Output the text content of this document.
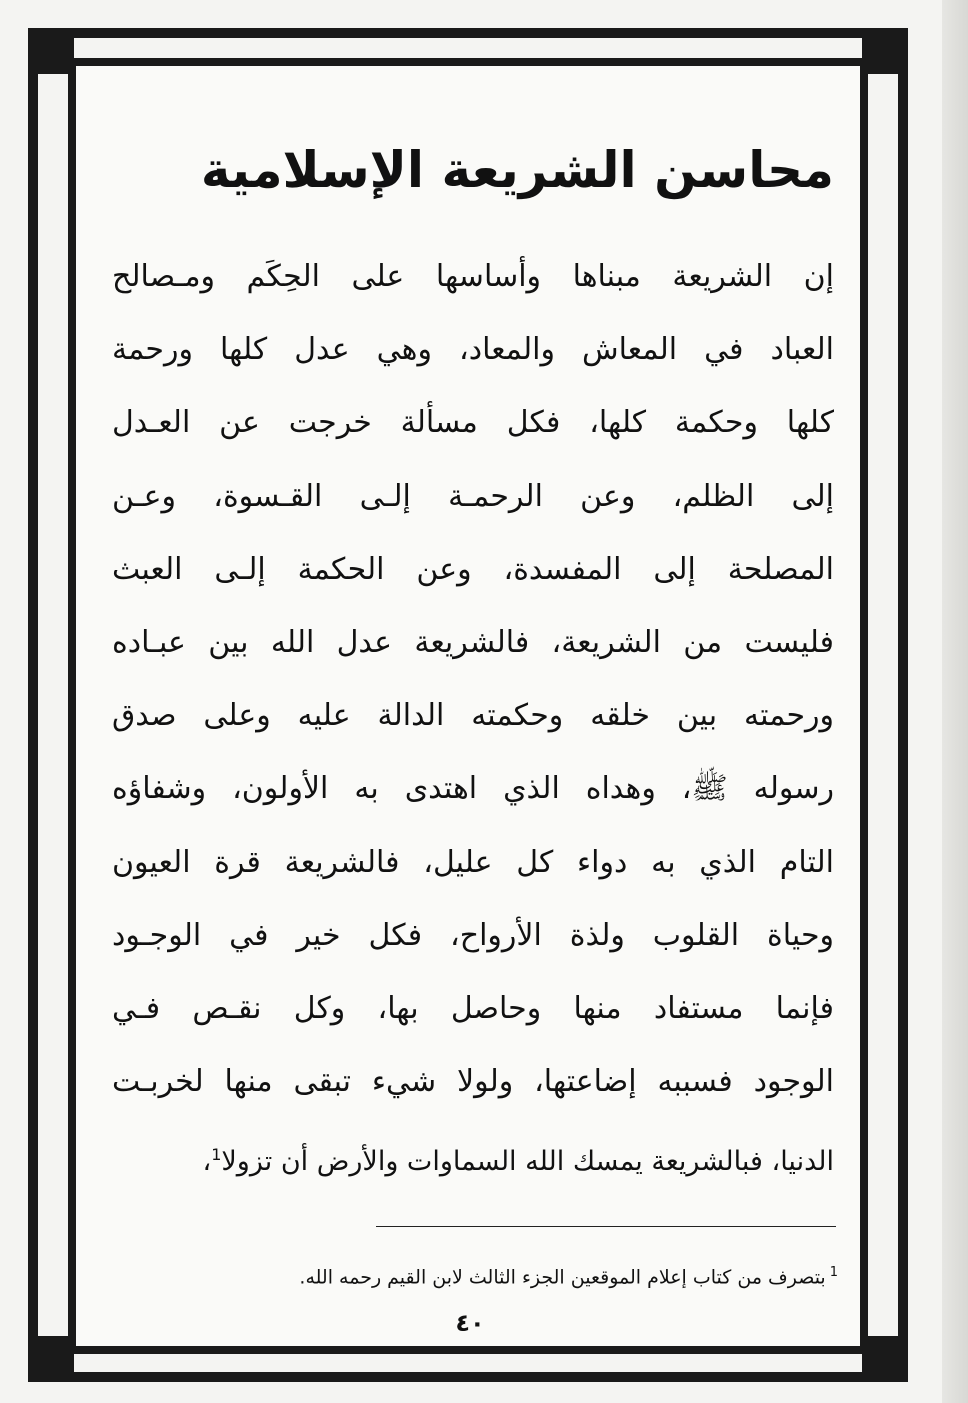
محاسن الشريعة الإسلامية
إن الشريعة مبناها وأساسها على الحِكَم ومـصالح
العباد في المعاش والمعاد، وهي عدل كلها ورحمة
كلها وحكمة كلها، فكل مسألة خرجت عن العـدل
إلى الظلم، وعن الرحمـة إلـى القـسوة، وعـن
المصلحة إلى المفسدة، وعن الحكمة إلـى العبث
فليست من الشريعة، فالشريعة عدل الله بين عبـاده
ورحمته بين خلقه وحكمته الدالة عليه وعلى صدق
رسوله ﷺ، وهداه الذي اهتدى به الأولون، وشفاؤه
التام الذي به دواء كل عليل، فالشريعة قرة العيون
وحياة القلوب ولذة الأرواح، فكل خير في الوجـود
فإنما مستفاد منها وحاصل بها، وكل نقـص فـي
الوجود فسببه إضاعتها، ولولا شيء تبقى منها لخربـت
الدنيا، فبالشريعة يمسك الله السماوات والأرض أن تزولا$^1$،
$^1$بتصرف من كتاب إعلام الموقعين الجزء الثالث لابن القيم رحمه الله.
٤٠
